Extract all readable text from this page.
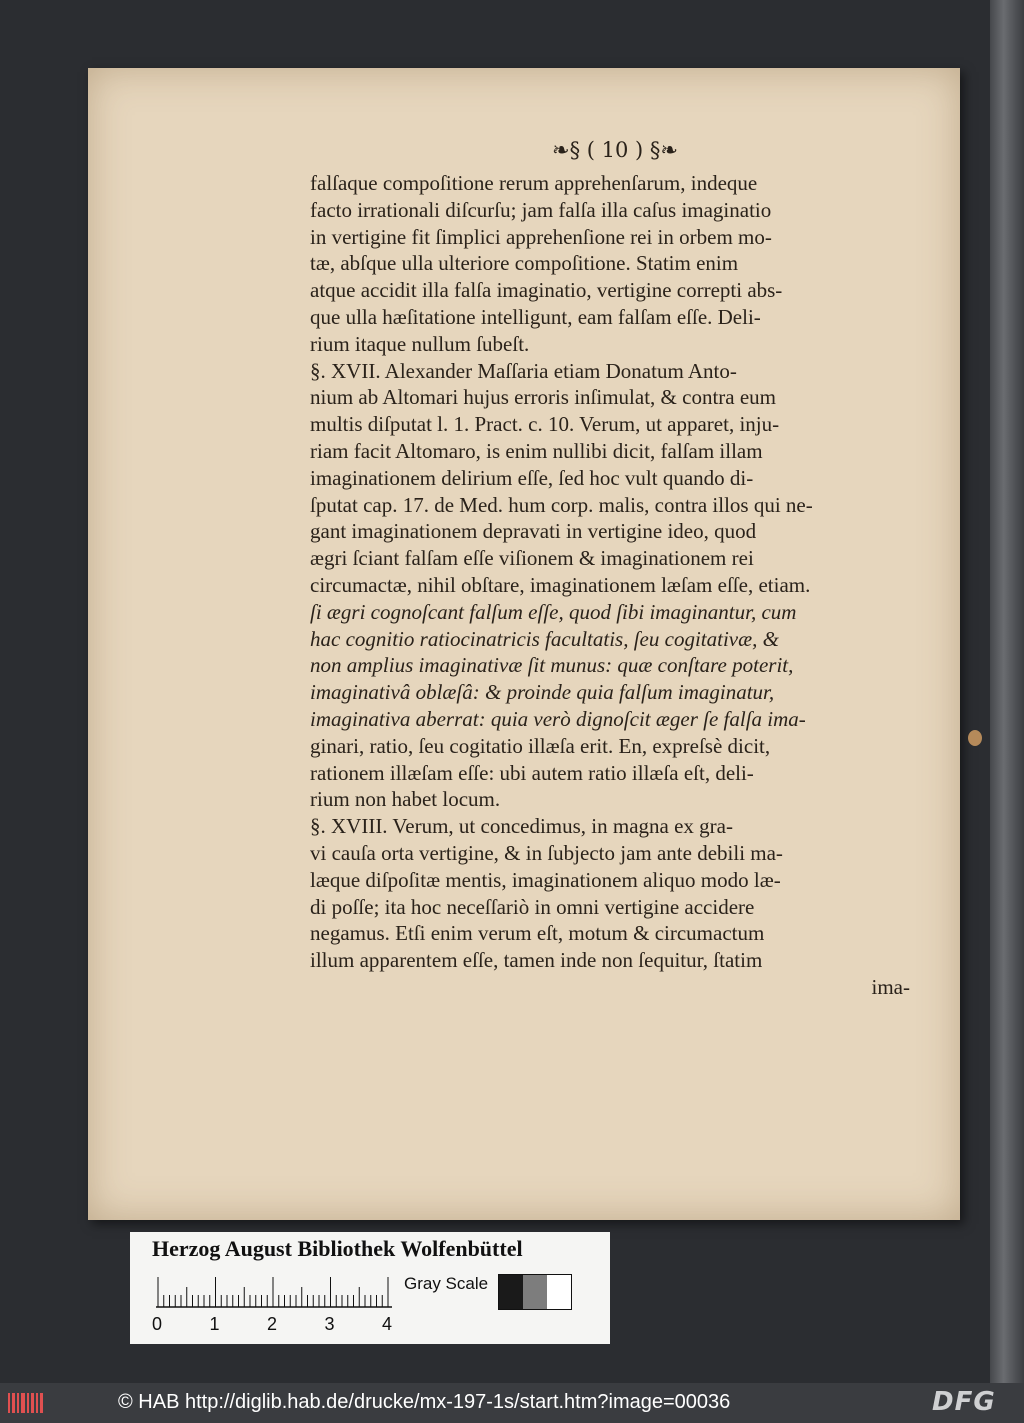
❧§ ( 10 ) §❧
falſaque compoſitione rerum apprehenſarum, indeque
facto irrationali diſcurſu; jam falſa illa caſus imaginatio
in vertigine fit ſimplici apprehenſione rei in orbem mo-
tæ, abſque ulla ulteriore compoſitione. Statim enim
atque accidit illa falſa imaginatio, vertigine correpti abs-
que ulla hæſitatione intelligunt, eam falſam eſſe. Deli-
rium itaque nullum ſubeſt.
§. XVII. Alexander Maſſaria etiam Donatum Anto-
nium ab Altomari hujus erroris inſimulat, & contra eum
multis diſputat l. 1. Pract. c. 10. Verum, ut apparet, inju-
riam facit Altomaro, is enim nullibi dicit, falſam illam
imaginationem delirium eſſe, ſed hoc vult quando di-
ſputat cap. 17. de Med. hum corp. malis, contra illos qui ne-
gant imaginationem depravati in vertigine ideo, quod
ægri ſciant falſam eſſe viſionem & imaginationem rei
circumactæ, nihil obſtare, imaginationem læſam eſſe, etiam.
ſi ægri cognoſcant falſum eſſe, quod ſibi imaginantur, cum
hac cognitio ratiocinatricis facultatis, ſeu cogitativæ, &
non amplius imaginativæ ſit munus: quæ conſtare poterit,
imaginativâ oblæſâ: & proinde quia falſum imaginatur,
imaginativa aberrat: quia verò dignoſcit æger ſe falſa ima-
ginari, ratio, ſeu cogitatio illæſa erit. En, expreſsè dicit,
rationem illæſam eſſe: ubi autem ratio illæſa eſt, deli-
rium non habet locum.
§. XVIII. Verum, ut concedimus, in magna ex gra-
vi cauſa orta vertigine, & in ſubjecto jam ante debili ma-
læque diſpoſitæ mentis, imaginationem aliquo modo læ-
di poſſe; ita hoc neceſſariò in omni vertigine accidere
negamus. Etſi enim verum eſt, motum & circumactum
illum apparentem eſſe, tamen inde non ſequitur, ſtatim
ima-
Herzog August Bibliothek Wolfenbüttel
0	1	2	3	4
Gray Scale
© HAB http://diglib.hab.de/drucke/mx-197-1s/start.htm?image=00036	DFG
